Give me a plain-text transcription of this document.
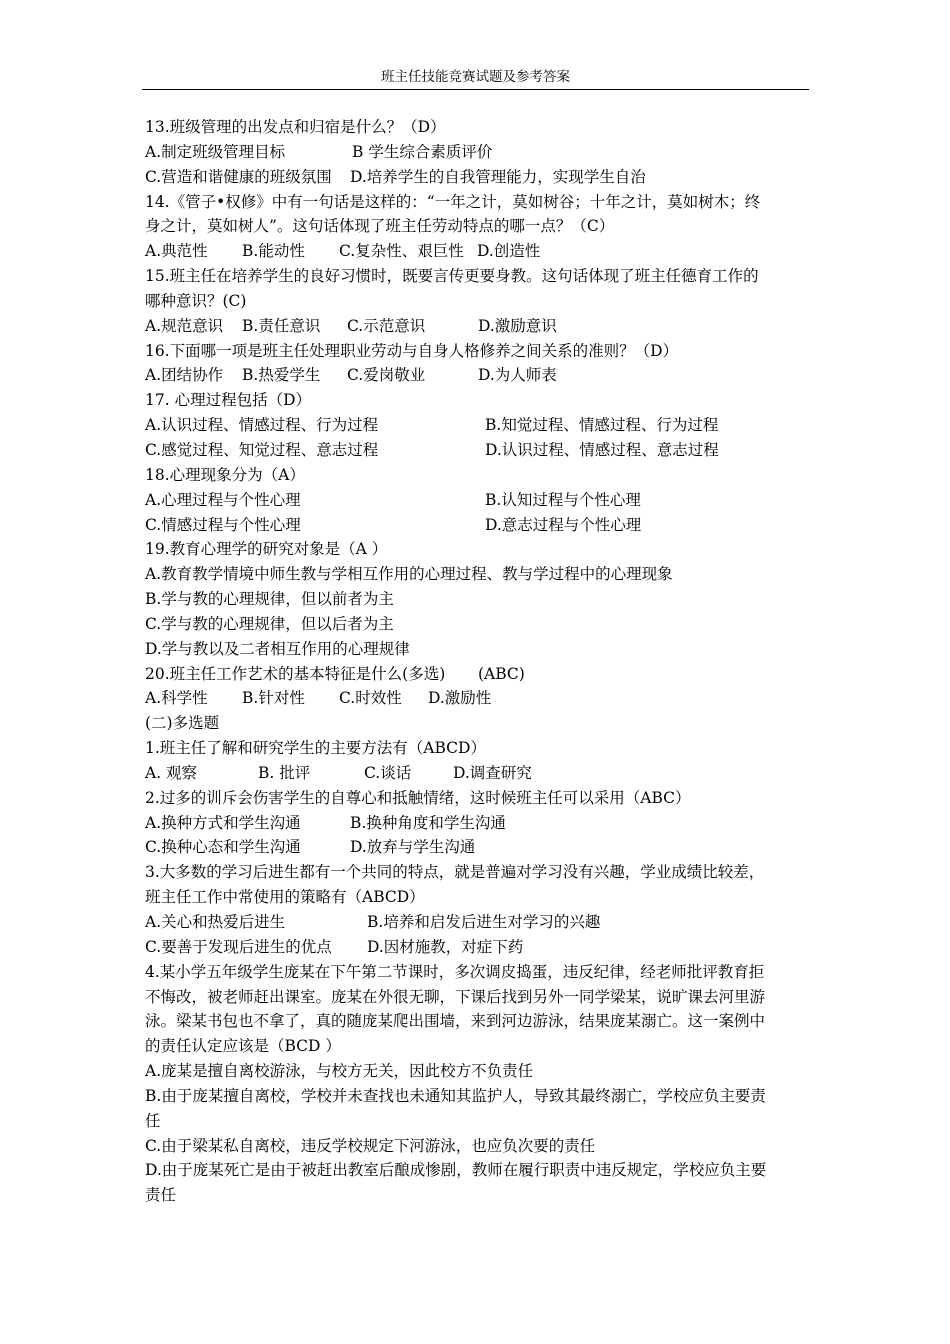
班主任技能竞赛试题及参考答案
13.班级管理的出发点和归宿是什么？（D）
A.制定班级管理目标	B 学生综合素质评价
C.营造和谐健康的班级氛围 D.培养学生的自我管理能力，实现学生自治
14.《管子•权修》中有一句话是这样的：“一年之计，莫如树谷；十年之计，莫如树木；终
身之计，莫如树人”。这句话体现了班主任劳动特点的哪一点？（C）
A.典范性 B.能动性 C.复杂性、艰巨性 D.创造性
15.班主任在培养学生的良好习惯时，既要言传更要身教。这句话体现了班主任德育工作的
哪种意识？(C)
A.规范意识 B.责任意识 C.示范意识	D.激励意识
16.下面哪一项是班主任处理职业劳动与自身人格修养之间关系的准则？（D）
A.团结协作 B.热爱学生 C.爱岗敬业	D.为人师表
17. 心理过程包括（D）
A.认识过程、情感过程、行为过程	B.知觉过程、情感过程、行为过程
C.感觉过程、知觉过程、意志过程	D.认识过程、情感过程、意志过程
18.心理现象分为（A）
A.心理过程与个性心理	B.认知过程与个性心理
C.情感过程与个性心理	D.意志过程与个性心理
19.教育心理学的研究对象是（A ）
A.教育教学情境中师生教与学相互作用的心理过程、教与学过程中的心理现象
B.学与教的心理规律，但以前者为主
C.学与教的心理规律，但以后者为主
D.学与教以及二者相互作用的心理规律
20.班主任工作艺术的基本特征是什么(多选) (ABC)
A.科学性 B.针对性 C.时效性 D.激励性
(二)多选题
1.班主任了解和研究学生的主要方法有（ABCD）
A. 观察	B. 批评	C.谈话	D.调查研究
2.过多的训斥会伤害学生的自尊心和抵触情绪，这时候班主任可以采用（ABC）
A.换种方式和学生沟通	B.换种角度和学生沟通
C.换种心态和学生沟通	D.放弃与学生沟通
3.大多数的学习后进生都有一个共同的特点，就是普遍对学习没有兴趣，学业成绩比较差，
班主任工作中常使用的策略有（ABCD）
A.关心和热爱后进生	B.培养和启发后进生对学习的兴趣
C.要善于发现后进生的优点 D.因材施教，对症下药
4.某小学五年级学生庞某在下午第二节课时，多次调皮捣蛋，违反纪律，经老师批评教育拒
不悔改，被老师赶出课室。庞某在外很无聊，下课后找到另外一同学梁某，说旷课去河里游
泳。梁某书包也不拿了，真的随庞某爬出围墙，来到河边游泳，结果庞某溺亡。这一案例中
的责任认定应该是（BCD ）
A.庞某是擅自离校游泳，与校方无关，因此校方不负责任
B.由于庞某擅自离校，学校并未查找也未通知其监护人，导致其最终溺亡，学校应负主要责
任
C.由于梁某私自离校，违反学校规定下河游泳，也应负次要的责任
D.由于庞某死亡是由于被赶出教室后酿成惨剧，教师在履行职责中违反规定，学校应负主要
责任
